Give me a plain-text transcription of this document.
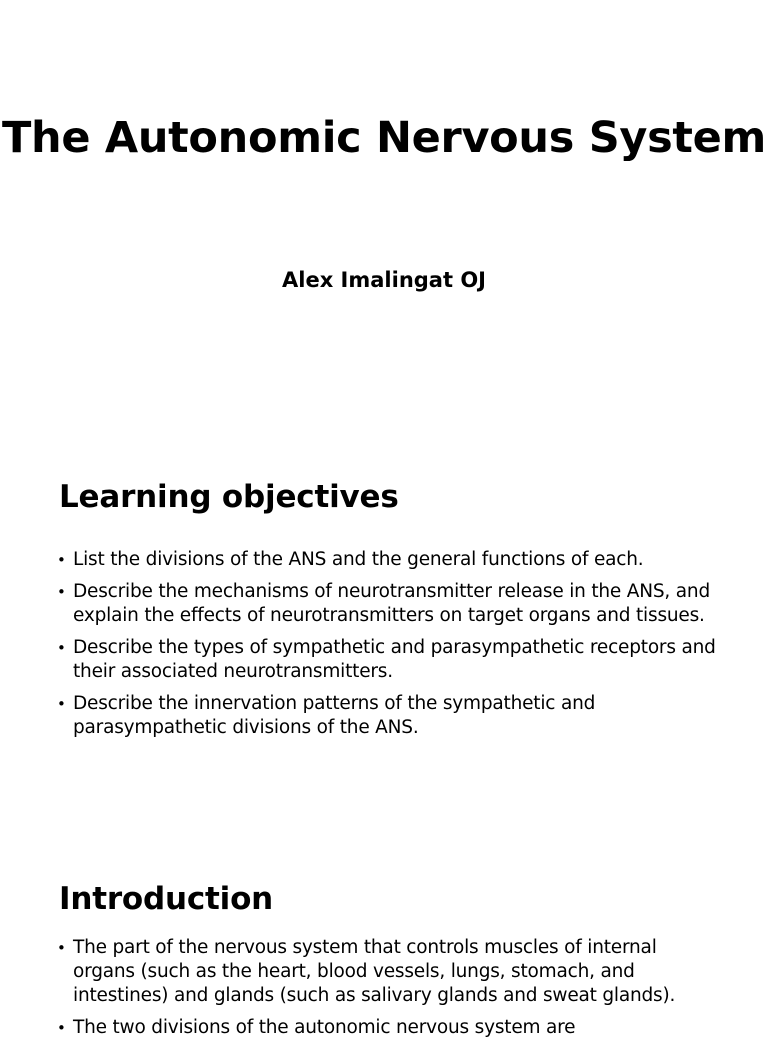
The Autonomic Nervous System

Alex Imalingat OJ

Learning objectives
• List the divisions of the ANS and the general functions of each.
• Describe the mechanisms of neurotransmitter release in the ANS, and explain the effects of neurotransmitters on target organs and tissues.
• Describe the types of sympathetic and parasympathetic receptors and their associated neurotransmitters.
• Describe the innervation patterns of the sympathetic and parasympathetic divisions of the ANS.
Introduction
• The part of the nervous system that controls muscles of internal organs (such as the heart, blood vessels, lungs, stomach, and intestines) and glands (such as salivary glands and sweat glands).
• The two divisions of the autonomic nervous system are
